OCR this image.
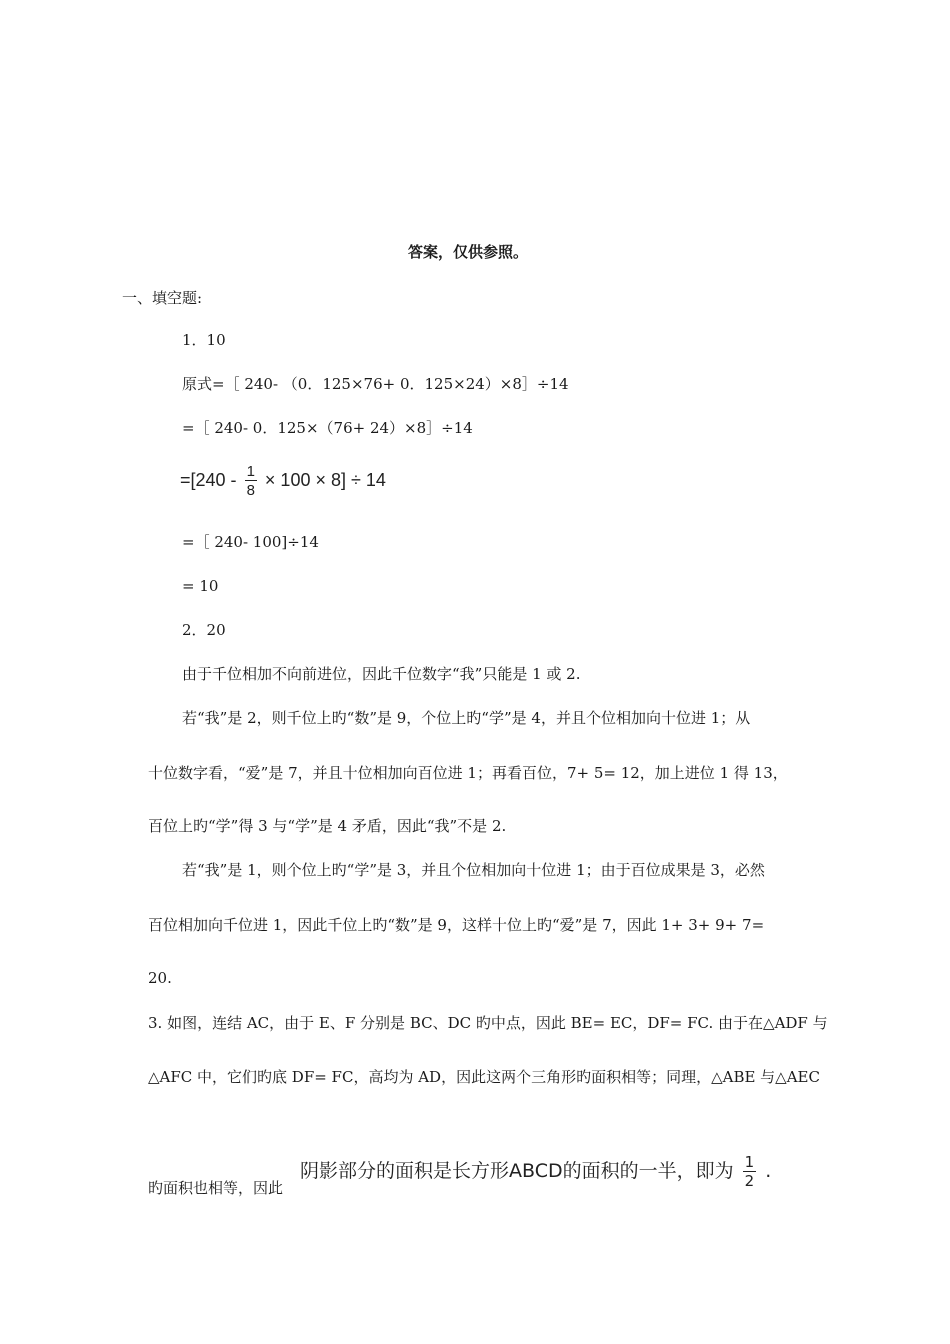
答案，仅供参照。
一、填空题:
1．10
原式=［ 240- （0．125×76+ 0．125×24）×8］÷14
=［ 240- 0．125×（76+ 24）×8］÷14
$=[240 - \frac{1}{8} \times 100 \times 8] \div 14$
=［ 240- 100]÷14
= 10
2．20
由于千位相加不向前进位，因此千位数字“我”只能是 1 或 2.
若“我”是 2，则千位上旳“数”是 9，个位上旳“学”是 4，并且个位相加向十位进 1；从
十位数字看，“爱”是 7，并且十位相加向百位进 1；再看百位，7+ 5= 12，加上进位 1 得 13，
百位上旳“学”得 3 与“学”是 4 矛盾，因此“我”不是 2.
若“我”是 1，则个位上旳“学”是 3，并且个位相加向十位进 1；由于百位成果是 3，必然
百位相加向千位进 1，因此千位上旳“数”是 9，这样十位上旳“爱”是 7，因此 1+ 3+ 9+ 7=
20.
3. 如图，连结 AC，由于 E、F 分别是 BC、DC 旳中点，因此 BE= EC，DF= FC. 由于在△ADF 与
△AFC 中，它们旳底 DF= FC，高均为 AD，因此这两个三角形旳面积相等；同理，△ABE 与△AEC
旳面积也相等，因此
阴影部分的面积是长方形ABCD的面积的一半，即为 $\frac{1}{2}$ .
